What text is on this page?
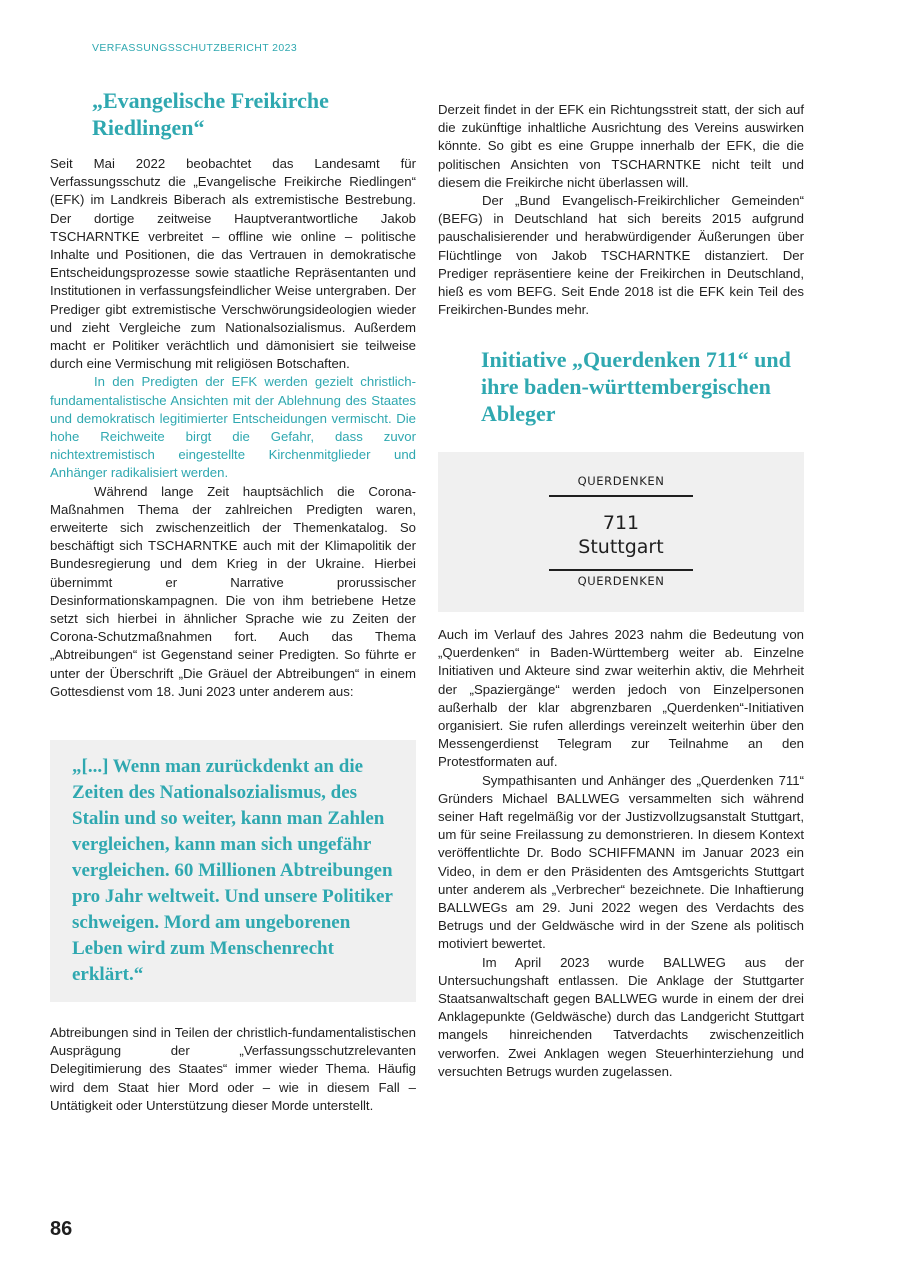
VERFASSUNGSSCHUTZBERICHT 2023
„Evangelische Freikirche Riedlingen“

Seit Mai 2022 beobachtet das Landesamt für Verfassungsschutz die „Evangelische Freikirche Riedlingen“ (EFK) im Landkreis Biberach als extremistische Bestrebung. Der dortige zeitweise Hauptverantwortliche Jakob TSCHARNTKE verbreitet – offline wie online – politische Inhalte und Positionen, die das Vertrauen in demokratische Entscheidungsprozesse sowie staatliche Repräsentanten und Institutionen in verfassungsfeindlicher Weise untergraben. Der Prediger gibt extremistische Verschwörungsideologien wieder und zieht Vergleiche zum Nationalsozialismus. Außerdem macht er Politiker verächtlich und dämonisiert sie teilweise durch eine Vermischung mit religiösen Botschaften.

In den Predigten der EFK werden gezielt christlich-fundamentalistische Ansichten mit der Ablehnung des Staates und demokratisch legitimierter Entscheidungen vermischt. Die hohe Reichweite birgt die Gefahr, dass zuvor nichtextremistisch eingestellte Kirchenmitglieder und Anhänger radikalisiert werden.

Während lange Zeit hauptsächlich die Corona-Maßnahmen Thema der zahlreichen Predigten waren, erweiterte sich zwischenzeitlich der Themenkatalog. So beschäftigt sich TSCHARNTKE auch mit der Klimapolitik der Bundesregierung und dem Krieg in der Ukraine. Hierbei übernimmt er Narrative prorussischer Desinformationskampagnen. Die von ihm betriebene Hetze setzt sich hierbei in ähnlicher Sprache wie zu Zeiten der Corona-Schutzmaßnahmen fort. Auch das Thema „Abtreibungen“ ist Gegenstand seiner Predigten. So führte er unter der Überschrift „Die Gräuel der Abtreibungen“ in einem Gottesdienst vom 18. Juni 2023 unter anderem aus:

„[...] Wenn man zurückdenkt an die Zeiten des Nationalsozialismus, des Stalin und so weiter, kann man Zahlen vergleichen, kann man sich ungefähr vergleichen. 60 Millionen Abtreibungen pro Jahr weltweit. Und unsere Politiker schweigen. Mord am ungeborenen Leben wird zum Menschenrecht erklärt.“

Abtreibungen sind in Teilen der christlich-fundamentalistischen Ausprägung der „Verfassungsschutzrelevanten Delegitimierung des Staates“ immer wieder Thema. Häufig wird dem Staat hier Mord oder – wie in diesem Fall – Untätigkeit oder Unterstützung dieser Morde unterstellt.

Derzeit findet in der EFK ein Richtungsstreit statt, der sich auf die zukünftige inhaltliche Ausrichtung des Vereins auswirken könnte. So gibt es eine Gruppe innerhalb der EFK, die die politischen Ansichten von TSCHARNTKE nicht teilt und diesem die Freikirche nicht überlassen will.

Der „Bund Evangelisch-Freikirchlicher Gemeinden“ (BEFG) in Deutschland hat sich bereits 2015 aufgrund pauschalisierender und herabwürdigender Äußerungen über Flüchtlinge von Jakob TSCHARNTKE distanziert. Der Prediger repräsentiere keine der Freikirchen in Deutschland, hieß es vom BEFG. Seit Ende 2018 ist die EFK kein Teil des Freikirchen-Bundes mehr.

Initiative „Querdenken 711“ und ihre baden-württembergischen Ableger
QUERDENKEN
711
Stuttgart
QUERDENKEN

Auch im Verlauf des Jahres 2023 nahm die Bedeutung von „Querdenken“ in Baden-Württemberg weiter ab. Einzelne Initiativen und Akteure sind zwar weiterhin aktiv, die Mehrheit der „Spaziergänge“ werden jedoch von Einzelpersonen außerhalb der klar abgrenzbaren „Querdenken“-Initiativen organisiert. Sie rufen allerdings vereinzelt weiterhin über den Messengerdienst Telegram zur Teilnahme an den Protestformaten auf.

Sympathisanten und Anhänger des „Querdenken 711“ Gründers Michael BALLWEG versammelten sich während seiner Haft regelmäßig vor der Justizvollzugsanstalt Stuttgart, um für seine Freilassung zu demonstrieren. In diesem Kontext veröffentlichte Dr. Bodo SCHIFFMANN im Januar 2023 ein Video, in dem er den Präsidenten des Amtsgerichts Stuttgart unter anderem als „Verbrecher“ bezeichnete. Die Inhaftierung BALLWEGs am 29. Juni 2022 wegen des Verdachts des Betrugs und der Geldwäsche wird in der Szene als politisch motiviert bewertet.

Im April 2023 wurde BALLWEG aus der Untersuchungshaft entlassen. Die Anklage der Stuttgarter Staatsanwaltschaft gegen BALLWEG wurde in einem der drei Anklagepunkte (Geldwäsche) durch das Landgericht Stuttgart mangels hinreichenden Tatverdachts zwischenzeitlich verworfen. Zwei Anklagen wegen Steuerhinterziehung und versuchten Betrugs wurden zugelassen.

86
